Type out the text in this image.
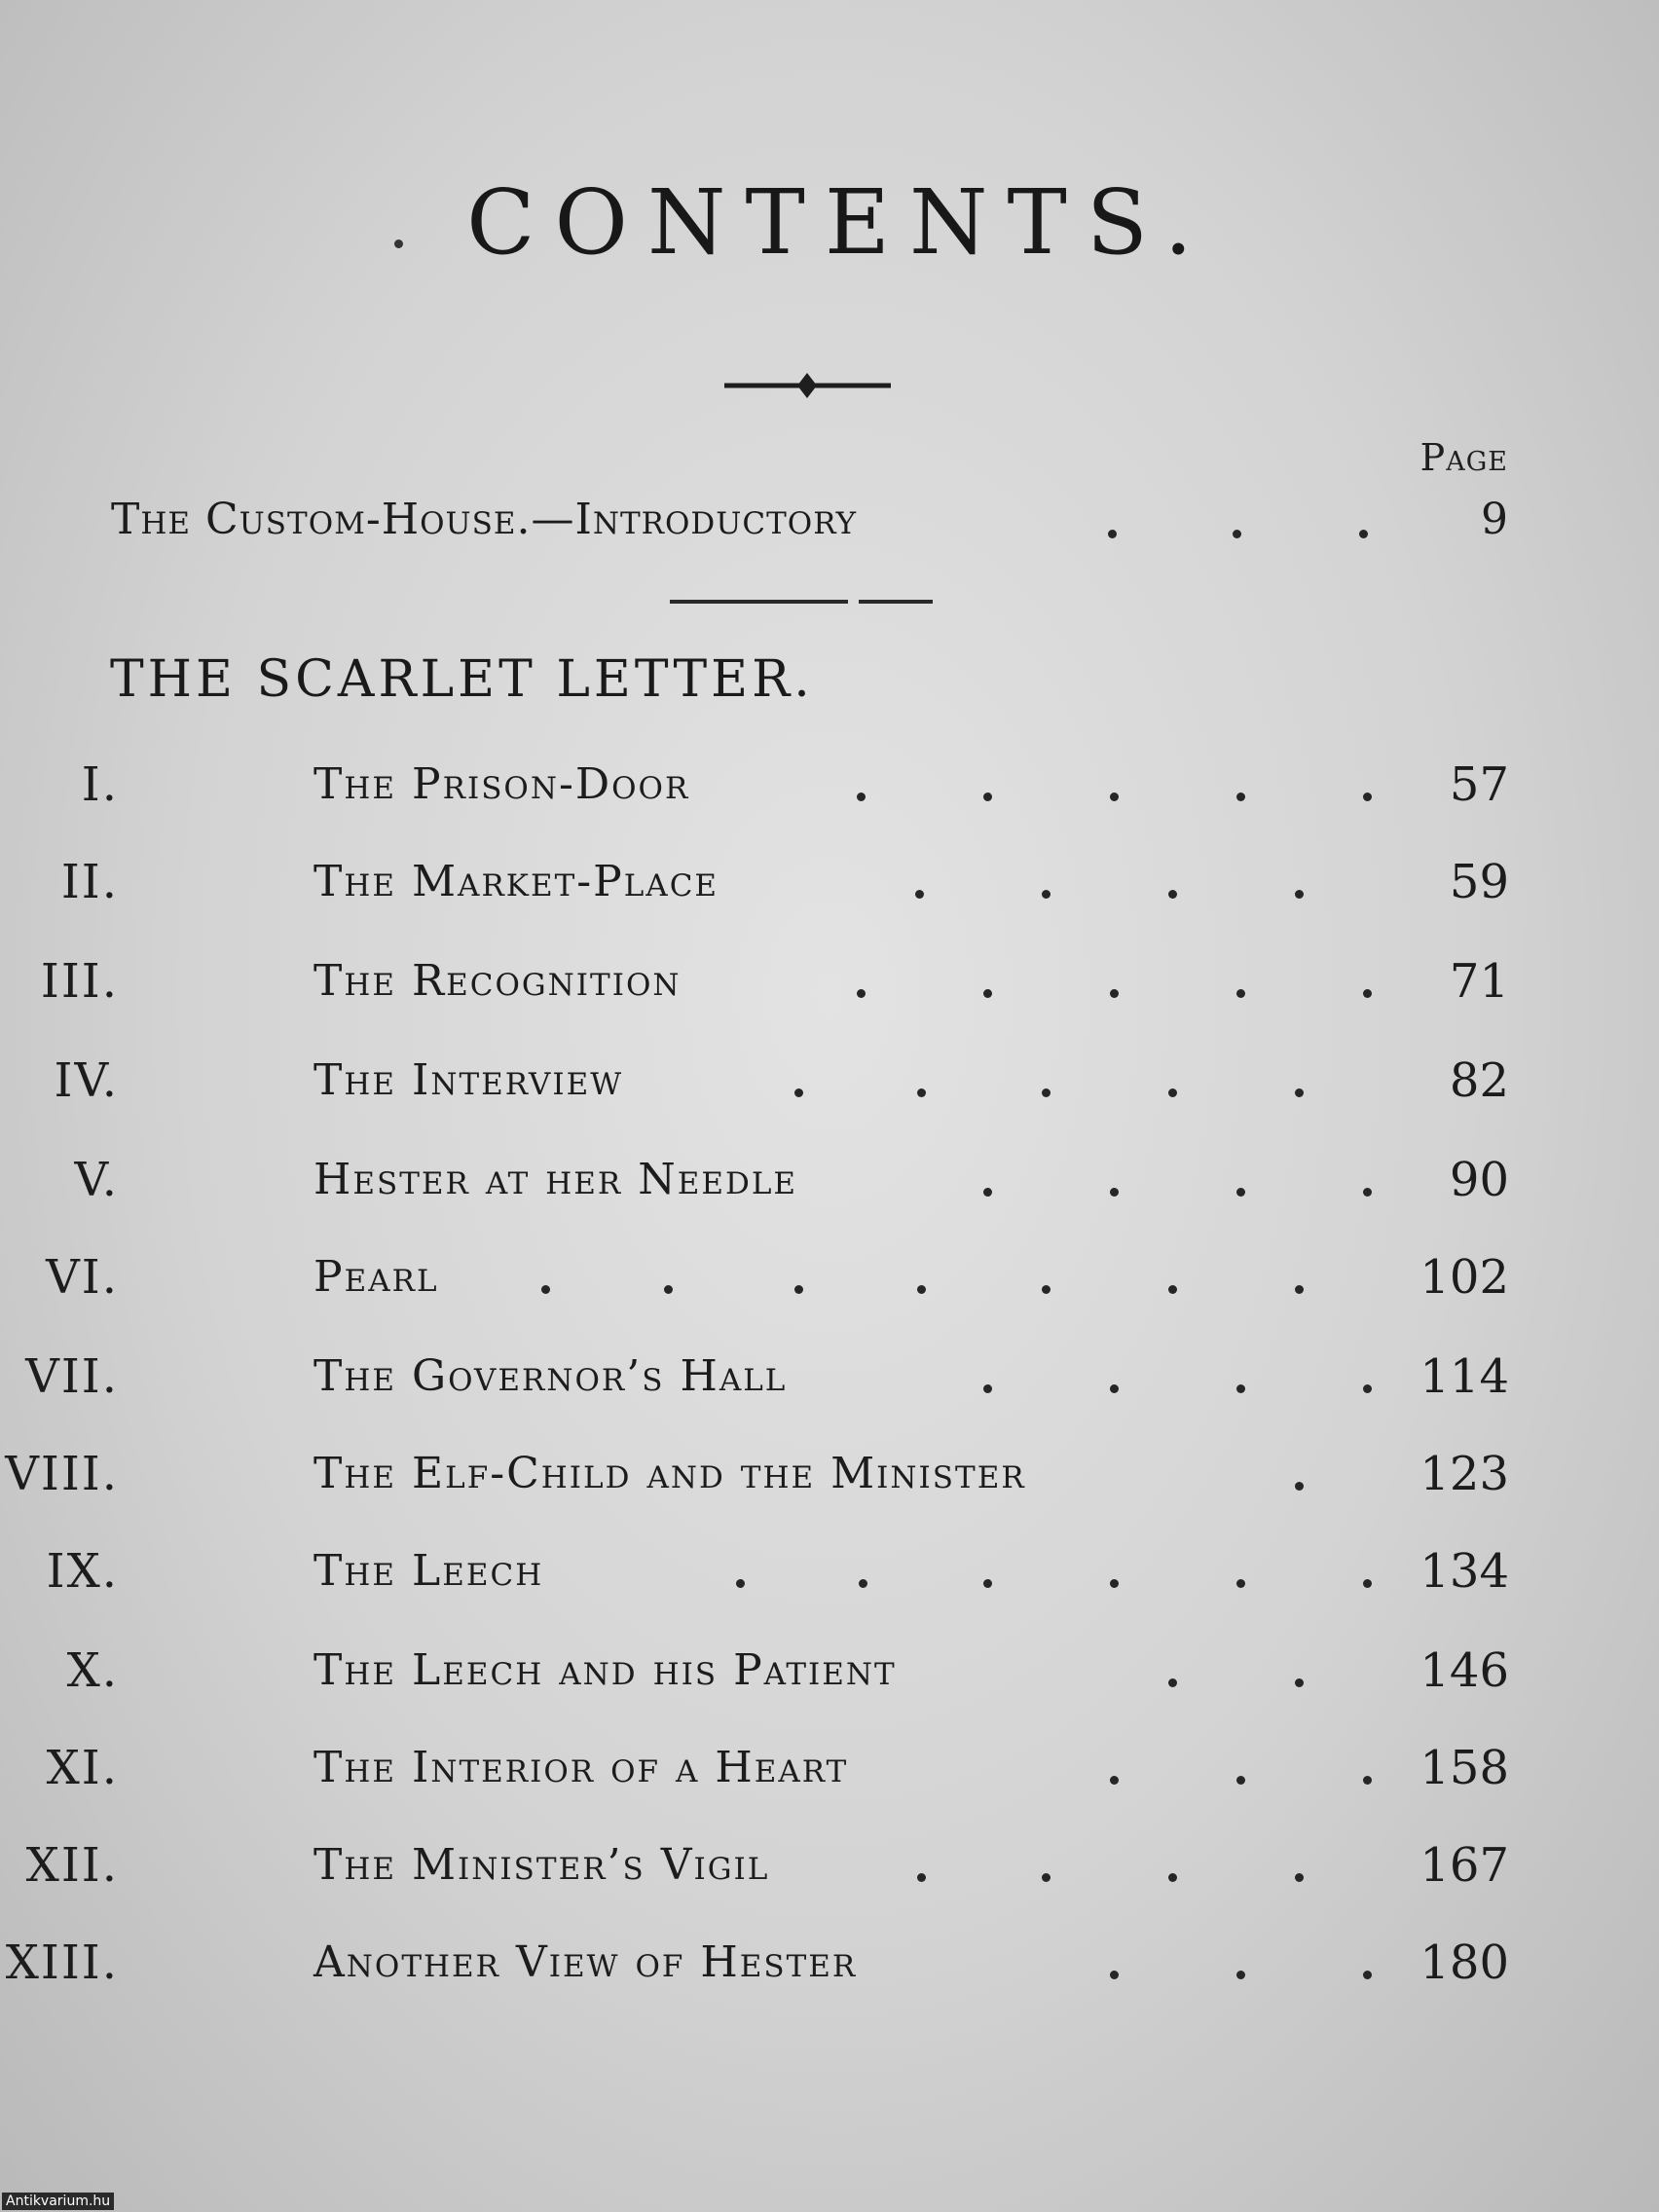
CONTENTS.
Page
The Custom-House.—Introductory	9
THE SCARLET LETTER.
I.	The Prison-Door	57
II.	The Market-Place	59
III.	The Recognition	71
IV.	The Interview	82
V.	Hester at her Needle	90
VI.	Pearl	102
VII.	The Governor’s Hall	114
VIII.	The Elf-Child and the Minister	123
IX.	The Leech	134
X.	The Leech and his Patient	146
XI.	The Interior of a Heart	158
XII.	The Minister’s Vigil	167
XIII.	Another View of Hester	180
Antikvarium.hu
